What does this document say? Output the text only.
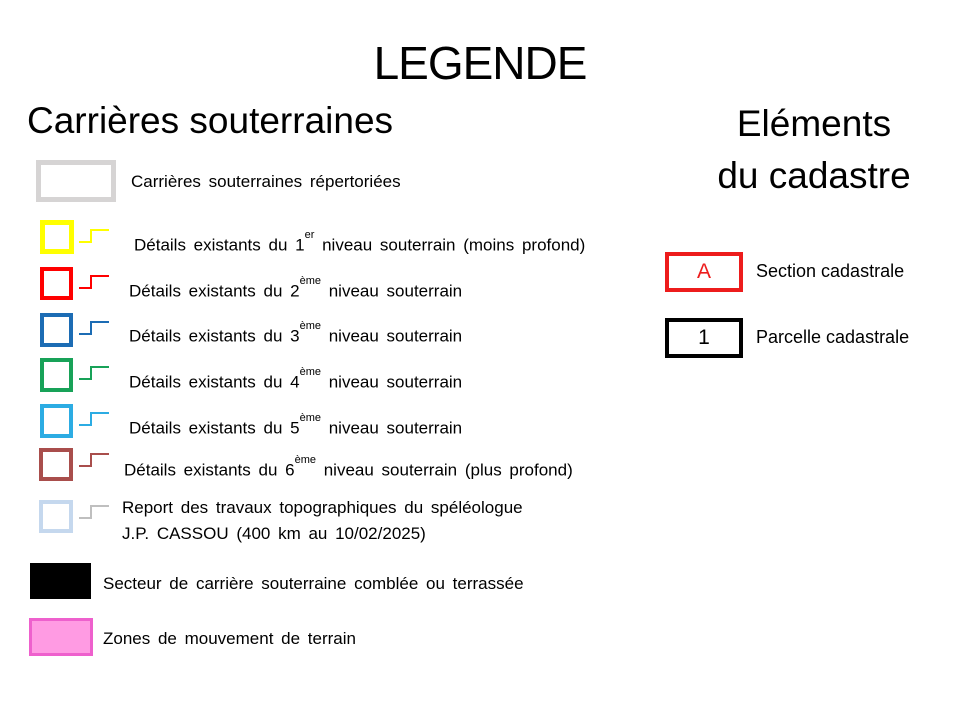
LEGENDE
Carrières souterraines	Eléments
du cadastre
Carrières souterraines répertoriées
Détails existants du 1er niveau souterrain (moins profond)
Détails existants du 2ème niveau souterrain
Détails existants du 3ème niveau souterrain
Détails existants du 4ème niveau souterrain
Détails existants du 5ème niveau souterrain
Détails existants du 6ème niveau souterrain (plus profond)
Report des travaux topographiques du spéléologue
J.P. CASSOU (400 km au 10/02/2025)
Secteur de carrière souterraine comblée ou terrassée
Zones de mouvement de terrain
A	Section cadastrale
1	Parcelle cadastrale
